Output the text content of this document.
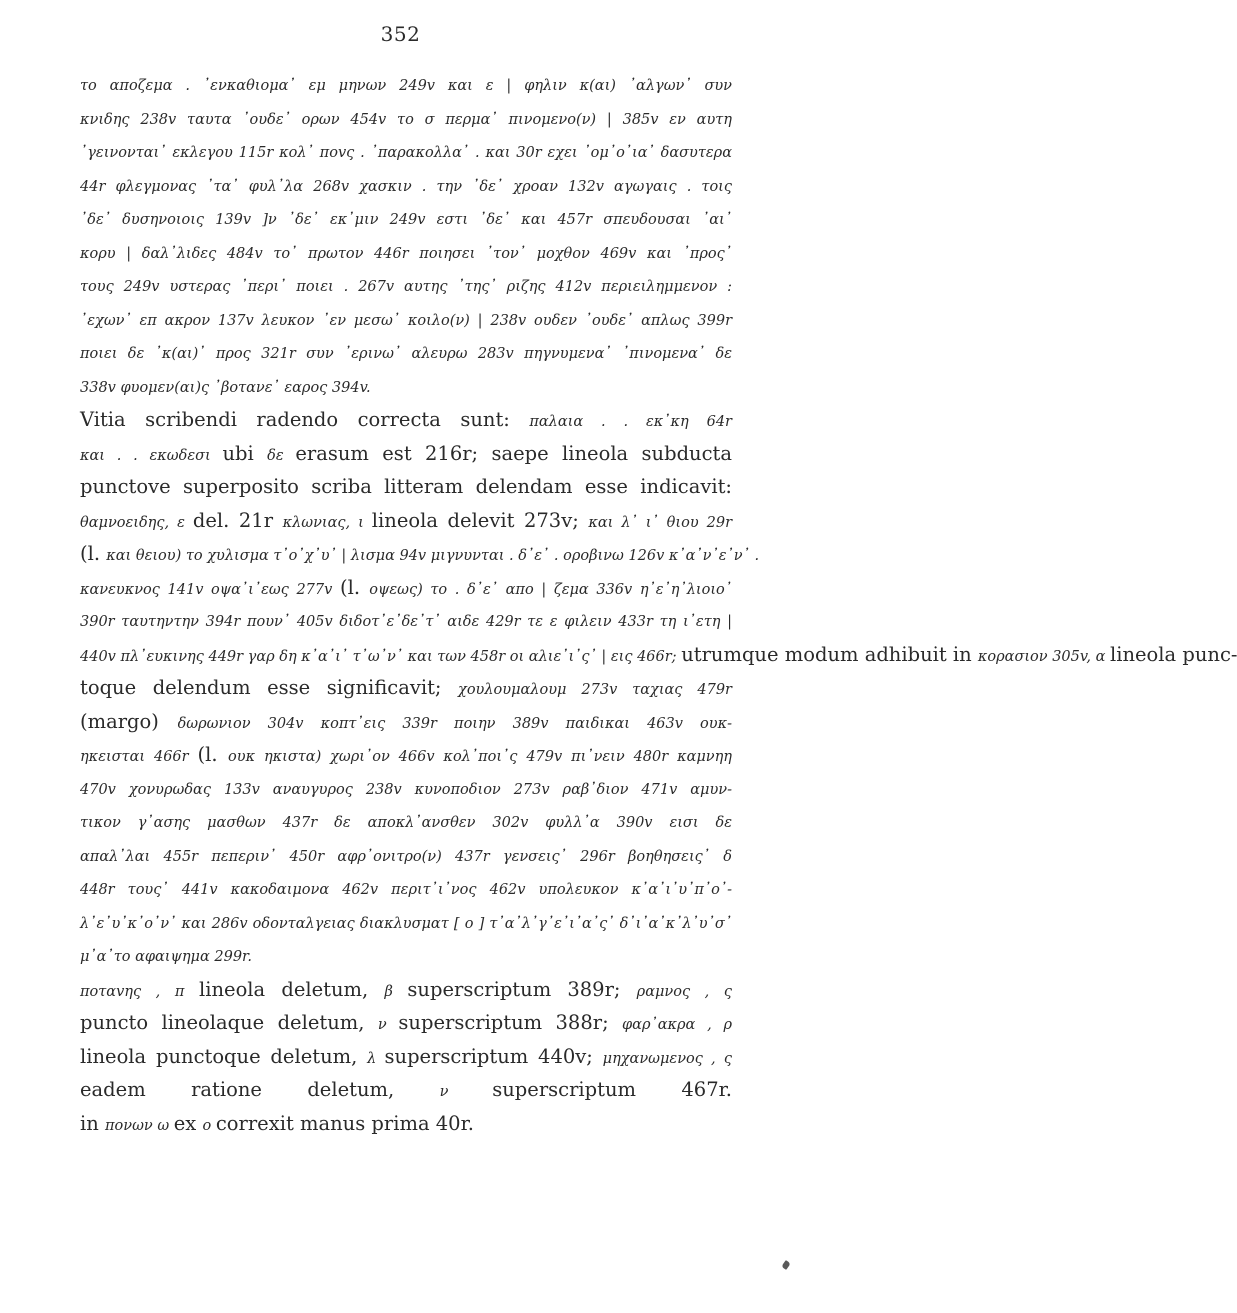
352
το αποζεμα . ᾽ενκαθιομα᾽ εμ μηνων 249v και ε | φηλιν κ(αι) ᾽αλγων᾽ συν
κνιδης 238v ταυτα ᾽ουδε᾽ ορων 454v το σ περμα᾽ πινομενο(ν) | 385v εν αυτη
᾽γεινονται᾽ εκλεγου 115r κολ᾽ ποvς . ᾽παρακολλα᾽ . και 30r εχει ᾽ομ᾽ο᾽ια᾽ δασυτερα
44r φλεγμονας ᾽τα᾽ φυλ᾽λα 268v χασκιν . την ᾽δε᾽ χροαν 132v αγωγαις . τοις
᾽δε᾽ δυσηνοιοις 139v ]ν ᾽δε᾽ εκ᾽μιν 249v εστι ᾽δε᾽ και 457r σπευδουσαι ᾽αι᾽
κορυ | δαλ᾽λιδες 484v το᾽ πρωτον 446r ποιησει ᾽τον᾽ μοχθον 469v και ᾽προς᾽
τους 249v υστερας ᾽περι᾽ ποιει . 267v αυτης ᾽της᾽ ριζης 412v περιειλημμενον :
᾽εχων᾽ επ ακρον 137v λευκον ᾽εν μεσω᾽ κοιλο(ν) | 238v ουδεν ᾽ουδε᾽ απλως 399r
ποιει δε ᾽κ(αι)᾽ προς 321r συν ᾽ερινω᾽ αλευρω 283v πηγνυμενα᾽ ᾽πινομενα᾽ δε
338v φυομεν(αι)ς ᾽βοτανε᾽ εαρος 394v.
Vitia scribendi radendo correcta sunt: παλαια . . εκ᾽κη 64r
και . . εκωδεσι ubi δε erasum est 216r; saepe lineola subducta
punctove superposito scriba litteram delendam esse indicavit:
θαμνοειδης, ε del. 21r κλωνιας, ι lineola delevit 273v; και λ᾽ ι᾽ θιου 29r
(l. και θειου) το χυλισμα τ᾽ο᾽χ᾽υ᾽ | λισμα 94v μιγνυνται . δ᾽ε᾽ . οροβινω 126v κ᾽α᾽ν᾽ε᾽ν᾽ .
κανευκνος 141v οψα᾽ι᾽εως 277v (l. οψεως) το . δ᾽ε᾽ απο | ζεμα 336v η᾽ε᾽η᾽λιοιο᾽
390r ταυτηντην 394r πουν᾽ 405v διδοτ᾽ε᾽δε᾽τ᾽ αιδε 429r τε ε φιλειν 433r τη ι᾽ετη |
440v πλ᾽ευκινης 449r γαρ δη κ᾽α᾽ι᾽ τ᾽ω᾽ν᾽ και των 458r οι αλιε᾽ι᾽ς᾽ | εις 466r; utrumque modum adhibuit in κορασιον 305v, α lineola punc-
toque delendum esse significavit; χουλουμαλουμ 273v ταχιας 479r
(margo) δωρωνιον 304v κοπτ᾽εις 339r ποιην 389v παιδικαι 463v ουκ-
ηκεισται 466r (l. ουκ ηκιστα) χωρι᾽ον 466v κολ᾽ποι᾽ς 479v πι᾽νειν 480r καμνηη
470v χονυρωδας 133v αναυγυρος 238v κυνοποδιον 273v ραβ᾽διον 471v αμυν-
τικον γ᾽ασης μασθων 437r δε αποκλ᾽ανσθεν 302v φυλλ᾽α 390v εισι δε
απαλ᾽λαι 455r πεπεριν᾽ 450r αφρ᾽ονιτρο(ν) 437r γενσεις᾽ 296r βοηθησεις᾽ δ
448r τους᾽ 441v κακοδαιμονα 462v περιτ᾽ι᾽νος 462v υπολευκον κ᾽α᾽ι᾽υ᾽π᾽ο᾽-
λ᾽ε᾽υ᾽κ᾽ο᾽ν᾽ και 286v οδονταλγειας διακλυσματ [ ο ] τ᾽α᾽λ᾽γ᾽ε᾽ι᾽α᾽ς᾽ δ᾽ι᾽α᾽κ᾽λ᾽υ᾽σ᾽
μ᾽α᾽το αφαιψημα 299r.
ποταvης , π lineola deletum, β superscriptum 389r; ραμνος , ς
puncto lineolaque deletum, ν superscriptum 388r; φαρ᾽ακρα , ρ
lineola punctoque deletum, λ superscriptum 440v; μηχανωμενος , ς
eadem ratione deletum, ν superscriptum 467r.
in πονων ω ex ο correxit manus prima 40r.
